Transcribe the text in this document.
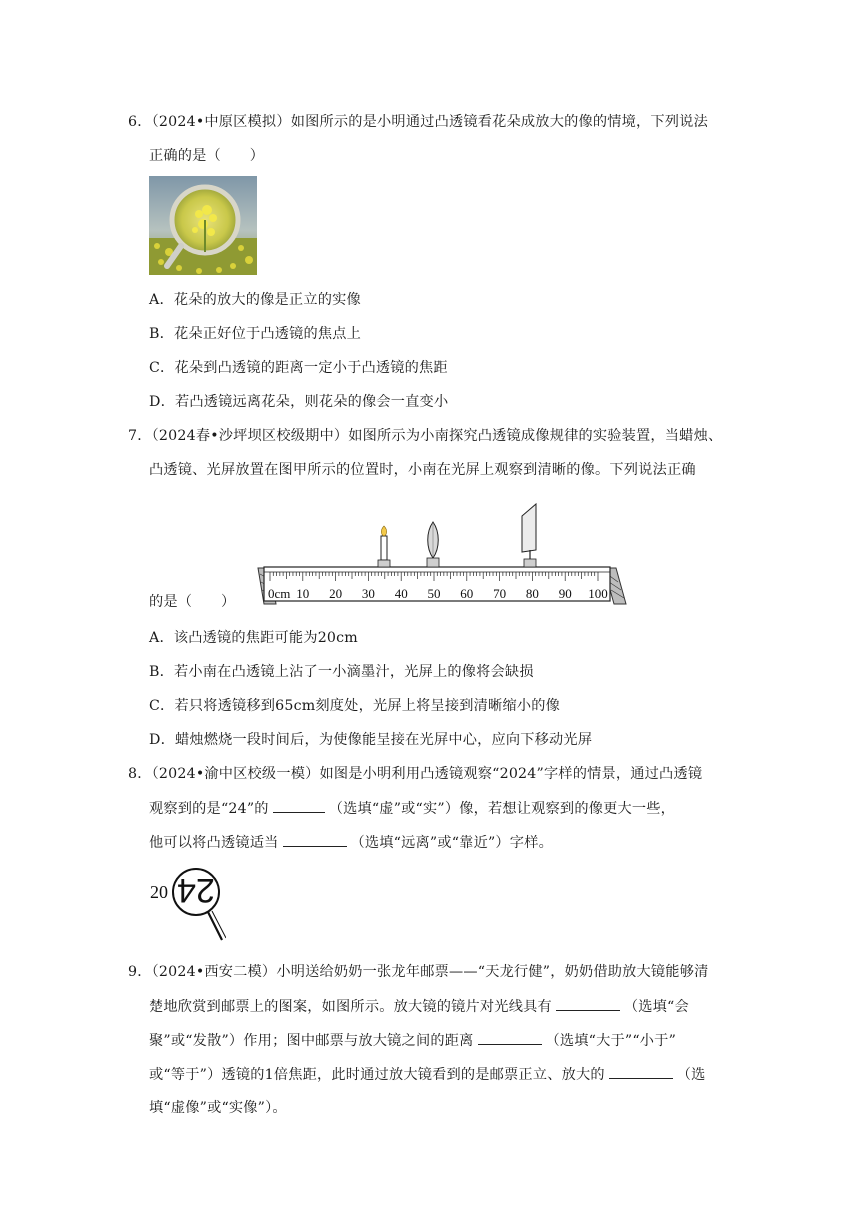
6．（2024•中原区模拟）如图所示的是小明通过凸透镜看花朵成放大的像的情境，下列说法
正确的是（　　）
A．花朵的放大的像是正立的实像
B．花朵正好位于凸透镜的焦点上
C．花朵到凸透镜的距离一定小于凸透镜的焦距
D．若凸透镜远离花朵，则花朵的像会一直变小
7．（2024春•沙坪坝区校级期中）如图所示为小南探究凸透镜成像规律的实验装置，当蜡烛、
凸透镜、光屏放置在图甲所示的位置时，小南在光屏上观察到清晰的像。下列说法正确
的是（　　）
0cm 10 20 30 40 50 60 70 80 90 100
A．该凸透镜的焦距可能为20cm
B．若小南在凸透镜上沾了一小滴墨汁，光屏上的像将会缺损
C．若只将透镜移到65cm刻度处，光屏上将呈接到清晰缩小的像
D．蜡烛燃烧一段时间后，为使像能呈接在光屏中心，应向下移动光屏
8．（2024•渝中区校级一模）如图是小明利用凸透镜观察“2024”字样的情景，通过凸透镜
观察到的是“24”的	（选填“虚”或“实”）像，若想让观察到的像更大一些，
他可以将凸透镜适当	（选填“远离”或“靠近”）字样。
20 24
9．（2024•西安二模）小明送给奶奶一张龙年邮票——“天龙行健”，奶奶借助放大镜能够清
楚地欣赏到邮票上的图案，如图所示。放大镜的镜片对光线具有	（选填“会
聚”或“发散”）作用；图中邮票与放大镜之间的距离	（选填“大于”“小于”
或“等于”）透镜的1倍焦距，此时通过放大镜看到的是邮票正立、放大的	（选
填“虚像”或“实像”）。
